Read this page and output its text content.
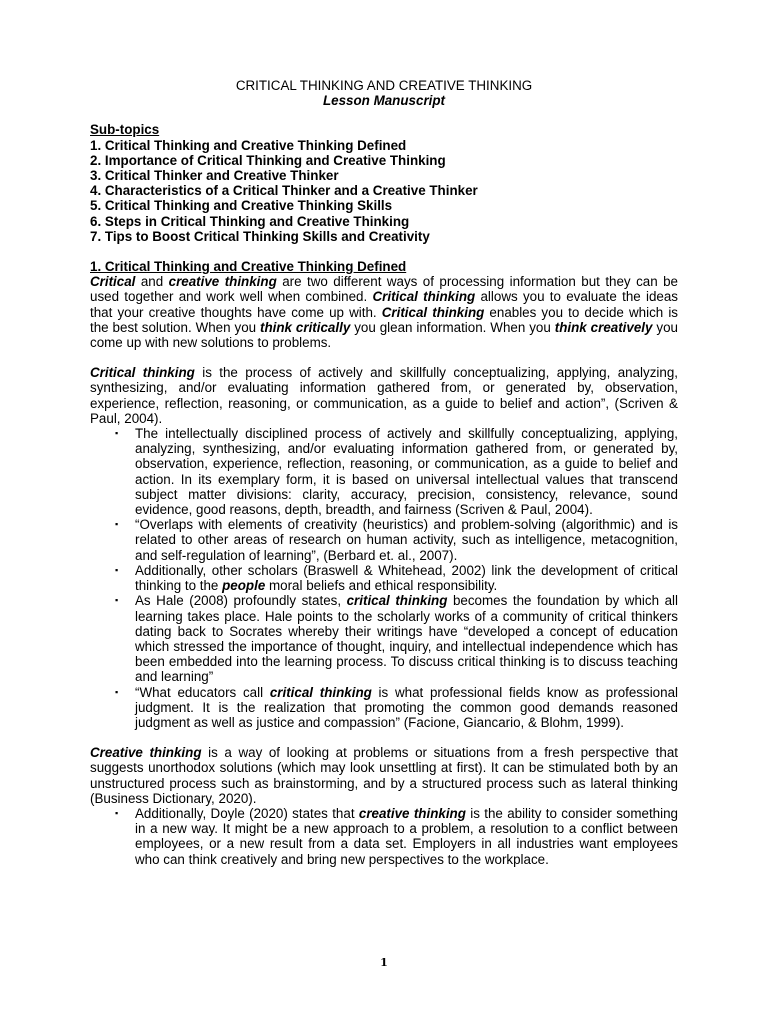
CRITICAL THINKING AND CREATIVE THINKING
Lesson Manuscript
Sub-topics
1. Critical Thinking and Creative Thinking Defined
2. Importance of Critical Thinking and Creative Thinking
3. Critical Thinker and Creative Thinker
4. Characteristics of a Critical Thinker and a Creative Thinker
5. Critical Thinking and Creative Thinking Skills
6. Steps in Critical Thinking and Creative Thinking
7. Tips to Boost Critical Thinking Skills and Creativity
1. Critical Thinking and Creative Thinking Defined

Critical and creative thinking are two different ways of processing information but they can be used together and work well when combined. Critical thinking allows you to evaluate the ideas that your creative thoughts have come up with. Critical thinking enables you to decide which is the best solution. When you think critically you glean information. When you think creatively you come up with new solutions to problems.

Critical thinking is the process of actively and skillfully conceptualizing, applying, analyzing, synthesizing, and/or evaluating information gathered from, or generated by, observation, experience, reflection, reasoning, or communication, as a guide to belief and action”, (Scriven & Paul, 2004).

▪ The intellectually disciplined process of actively and skillfully conceptualizing, applying, analyzing, synthesizing, and/or evaluating information gathered from, or generated by, observation, experience, reflection, reasoning, or communication, as a guide to belief and action. In its exemplary form, it is based on universal intellectual values that transcend subject matter divisions: clarity, accuracy, precision, consistency, relevance, sound evidence, good reasons, depth, breadth, and fairness (Scriven & Paul, 2004).
▪ “Overlaps with elements of creativity (heuristics) and problem-solving (algorithmic) and is related to other areas of research on human activity, such as intelligence, metacognition, and self-regulation of learning”, (Berbard et. al., 2007).
▪ Additionally, other scholars (Braswell & Whitehead, 2002) link the development of critical thinking to the people moral beliefs and ethical responsibility.
▪ As Hale (2008) profoundly states, critical thinking becomes the foundation by which all learning takes place. Hale points to the scholarly works of a community of critical thinkers dating back to Socrates whereby their writings have “developed a concept of education which stressed the importance of thought, inquiry, and intellectual independence which has been embedded into the learning process. To discuss critical thinking is to discuss teaching and learning”
▪ “What educators call critical thinking is what professional fields know as professional judgment. It is the realization that promoting the common good demands reasoned judgment as well as justice and compassion” (Facione, Giancario, & Blohm, 1999).

Creative thinking is a way of looking at problems or situations from a fresh perspective that suggests unorthodox solutions (which may look unsettling at first). It can be stimulated both by an unstructured process such as brainstorming, and by a structured process such as lateral thinking (Business Dictionary, 2020).

▪ Additionally, Doyle (2020) states that creative thinking is the ability to consider something in a new way. It might be a new approach to a problem, a resolution to a conflict between employees, or a new result from a data set. Employers in all industries want employees who can think creatively and bring new perspectives to the workplace.
1
